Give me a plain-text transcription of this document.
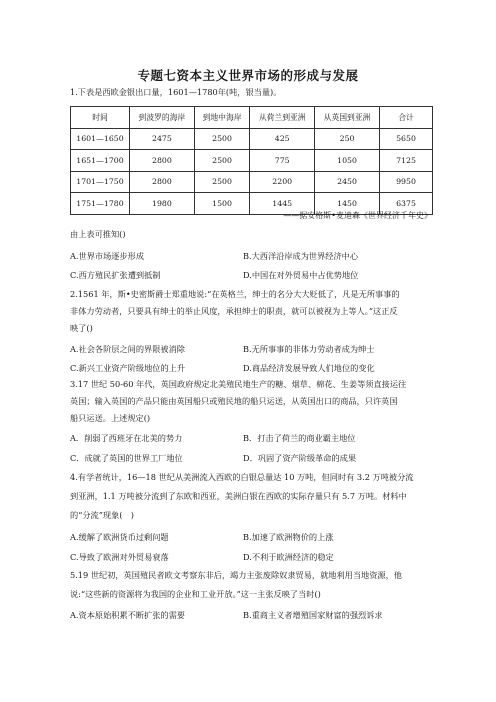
专题七资本主义世界市场的形成与发展
1.下表是西欧金银出口量，1601—1780年(吨，银当量)。
时间	到波罗的海岸	到地中海岸	从荷兰到亚洲	从英国到亚洲	合计
1601—1650	2475	2500	425	250	5650
1651—1700	2800	2500	775	1050	7125
1701—1750	2800	2500	2200	2450	9950
1751—1780	1980	1500	1445	1450	6375
——据安格斯•麦迪森《世界经济千年史》
由上表可推知()
A.世界市场逐步形成	B.大西洋沿岸成为世界经济中心
C.西方殖民扩张遭到抵制	D.中国在对外贸易中占优势地位
2.1561 年，斯•史密斯爵士郑重地说:“在英格兰，绅士的名分大大贬低了，凡是无所事事的
非体力劳动者，只要具有绅士的举止风度，承担绅士的职责，就可以被视为上等人。”这正反
映了()
A.社会各阶层之间的界限被消除	B.无所事事的非体力劳动者成为绅士
C.新兴工业资产阶级地位的上升	D.商品经济发展导致人们地位的变化
3.17 世纪 50-60 年代，英国政府规定北美殖民地生产的糖、烟草、棉花、生姜等须直接运往
英国；输入英国的产品只能由英国船只或殖民地的船只运送，从英国出口的商品，只许英国
船只运送。上述规定()
A．削弱了西班牙在北美的势力	B．打击了荷兰的商业霸主地位
C．成就了英国的世界工厂地位	D．巩固了资产阶级革命的成果
4.有学者统计，16—18 世纪从美洲流入西欧的白银总量达 10 万吨，但同时有 3.2 万吨被分流
到亚洲，1.1 万吨被分流到了东欧和西亚，美洲白银在西欧的实际存量只有 5.7 万吨。材料中
的“分流”现象(　)
A.缓解了欧洲货币过剩问题	B.加速了欧洲物价的上涨
C.导致了欧洲对外贸易衰落	D.不利于欧洲经济的稳定
5.19 世纪初，英国殖民者欧文考察东非后，竭力主张废除奴隶贸易，就地利用当地资源，他
说:“这些新的资源将为我国的企业和工业开放。”这一主张反映了当时()
A.资本原始积累不断扩张的需要	B.重商主义者增殖国家财富的强烈诉求
